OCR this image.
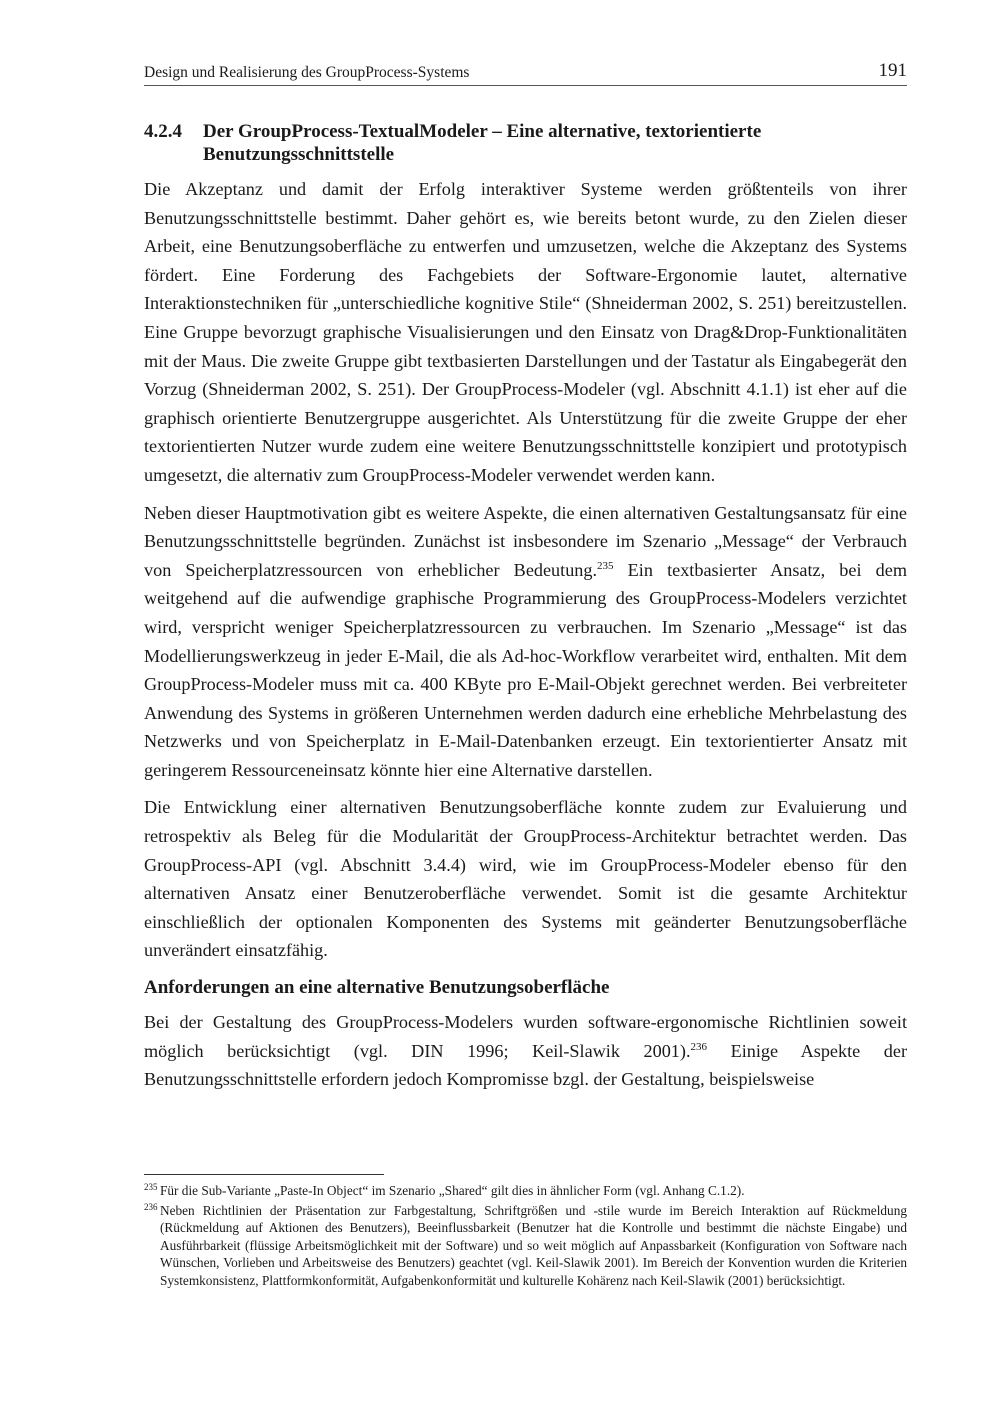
Design und Realisierung des GroupProcess-Systems	191
4.2.4	Der GroupProcess-TextualModeler – Eine alternative, textorientierte Benutzungsschnittstelle

Die Akzeptanz und damit der Erfolg interaktiver Systeme werden größtenteils von ihrer Benutzungsschnittstelle bestimmt. Daher gehört es, wie bereits betont wurde, zu den Zielen dieser Arbeit, eine Benutzungsoberfläche zu entwerfen und umzusetzen, welche die Akzeptanz des Systems fördert. Eine Forderung des Fachgebiets der Software-Ergonomie lautet, alternative Interaktionstechniken für „unterschiedliche kognitive Stile“ (Shneiderman 2002, S. 251) bereitzustellen. Eine Gruppe bevorzugt graphische Visualisierungen und den Einsatz von Drag&Drop-Funktionalitäten mit der Maus. Die zweite Gruppe gibt textbasierten Darstellungen und der Tastatur als Eingabegerät den Vorzug (Shneiderman 2002, S. 251). Der GroupProcess-Modeler (vgl. Abschnitt 4.1.1) ist eher auf die graphisch orientierte Benutzergruppe ausgerichtet. Als Unterstützung für die zweite Gruppe der eher textorientierten Nutzer wurde zudem eine weitere Benutzungsschnittstelle konzipiert und prototypisch umgesetzt, die alternativ zum GroupProcess-Modeler verwendet werden kann.

Neben dieser Hauptmotivation gibt es weitere Aspekte, die einen alternativen Gestaltungsansatz für eine Benutzungsschnittstelle begründen. Zunächst ist insbesondere im Szenario „Message“ der Verbrauch von Speicherplatzressourcen von erheblicher Bedeutung.$^{235}$ Ein textbasierter Ansatz, bei dem weitgehend auf die aufwendige graphische Programmierung des GroupProcess-Modelers verzichtet wird, verspricht weniger Speicherplatzressourcen zu verbrauchen. Im Szenario „Message“ ist das Modellierungswerkzeug in jeder E-Mail, die als Ad-hoc-Workflow verarbeitet wird, enthalten. Mit dem GroupProcess-Modeler muss mit ca. 400 KByte pro E-Mail-Objekt gerechnet werden. Bei verbreiteter Anwendung des Systems in größeren Unternehmen werden dadurch eine erhebliche Mehrbelastung des Netzwerks und von Speicherplatz in E-Mail-Datenbanken erzeugt. Ein textorientierter Ansatz mit geringerem Ressourceneinsatz könnte hier eine Alternative darstellen.

Die Entwicklung einer alternativen Benutzungsoberfläche konnte zudem zur Evaluierung und retrospektiv als Beleg für die Modularität der GroupProcess-Architektur betrachtet werden. Das GroupProcess-API (vgl. Abschnitt 3.4.4) wird, wie im GroupProcess-Modeler ebenso für den alternativen Ansatz einer Benutzeroberfläche verwendet. Somit ist die gesamte Architektur einschließlich der optionalen Komponenten des Systems mit geänderter Benutzungsoberfläche unverändert einsatzfähig.

Anforderungen an eine alternative Benutzungsoberfläche

Bei der Gestaltung des GroupProcess-Modelers wurden software-ergonomische Richtlinien soweit möglich berücksichtigt (vgl. DIN 1996; Keil-Slawik 2001).$^{236}$ Einige Aspekte der Benutzungsschnittstelle erfordern jedoch Kompromisse bzgl. der Gestaltung, beispielsweise

235 Für die Sub-Variante „Paste-In Object“ im Szenario „Shared“ gilt dies in ähnlicher Form (vgl. Anhang C.1.2).
236 Neben Richtlinien der Präsentation zur Farbgestaltung, Schriftgrößen und -stile wurde im Bereich Interaktion auf Rückmeldung (Rückmeldung auf Aktionen des Benutzers), Beeinflussbarkeit (Benutzer hat die Kontrolle und bestimmt die nächste Eingabe) und Ausführbarkeit (flüssige Arbeitsmöglichkeit mit der Software) und so weit möglich auf Anpassbarkeit (Konfiguration von Software nach Wünschen, Vorlieben und Arbeitsweise des Benutzers) geachtet (vgl. Keil-Slawik 2001). Im Bereich der Konvention wurden die Kriterien Systemkonsistenz, Plattformkonformität, Aufgabenkonformität und kulturelle Kohärenz nach Keil-Slawik (2001) berücksichtigt.
